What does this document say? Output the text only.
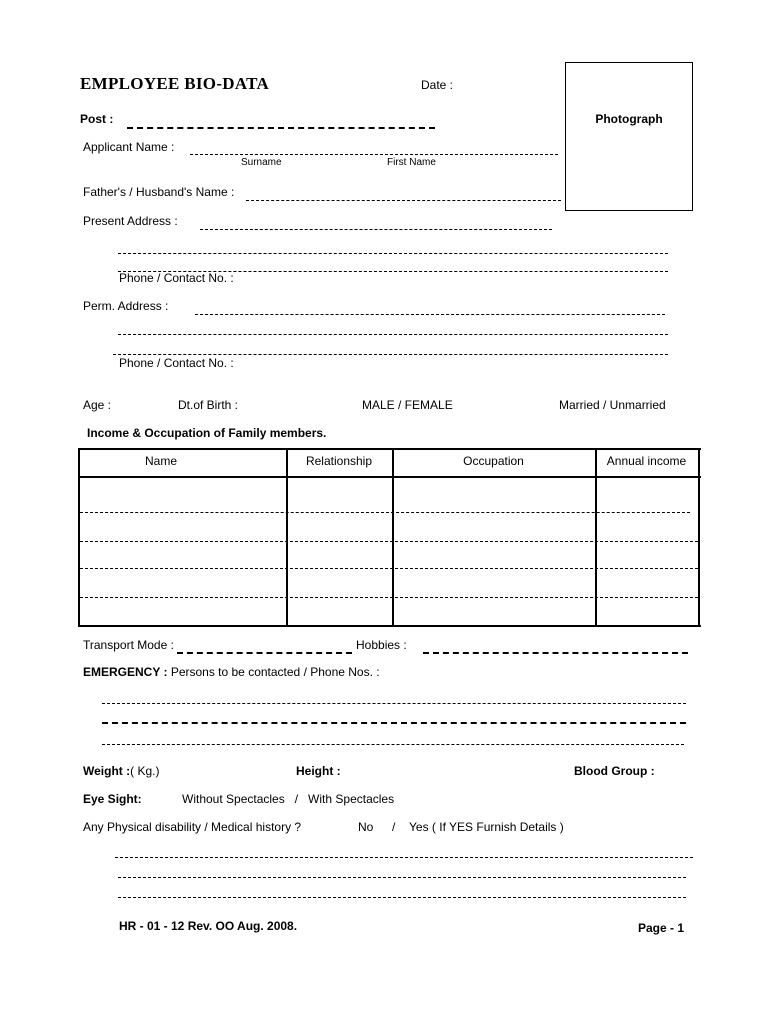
EMPLOYEE BIO-DATA	Date :
Photograph
Post :
Applicant Name :
Surname	First Name
Father's / Husband's Name :
Present Address :
Phone / Contact No. :
Perm. Address :
Phone / Contact No. :
Age :	Dt.of Birth :	MALE / FEMALE	Married / Unmarried
Income & Occupation of Family members.
Name	Relationship	Occupation	Annual income
Transport Mode :	Hobbies :
EMERGENCY : Persons to be contacted / Phone Nos. :
Weight :( Kg.)	Height :	Blood Group :
Eye Sight:	Without Spectacles   /   With Spectacles
Any Physical disability / Medical history ?	No / Yes ( If YES Furnish Details )
HR - 01 - 12 Rev. OO Aug. 2008.	Page - 1
